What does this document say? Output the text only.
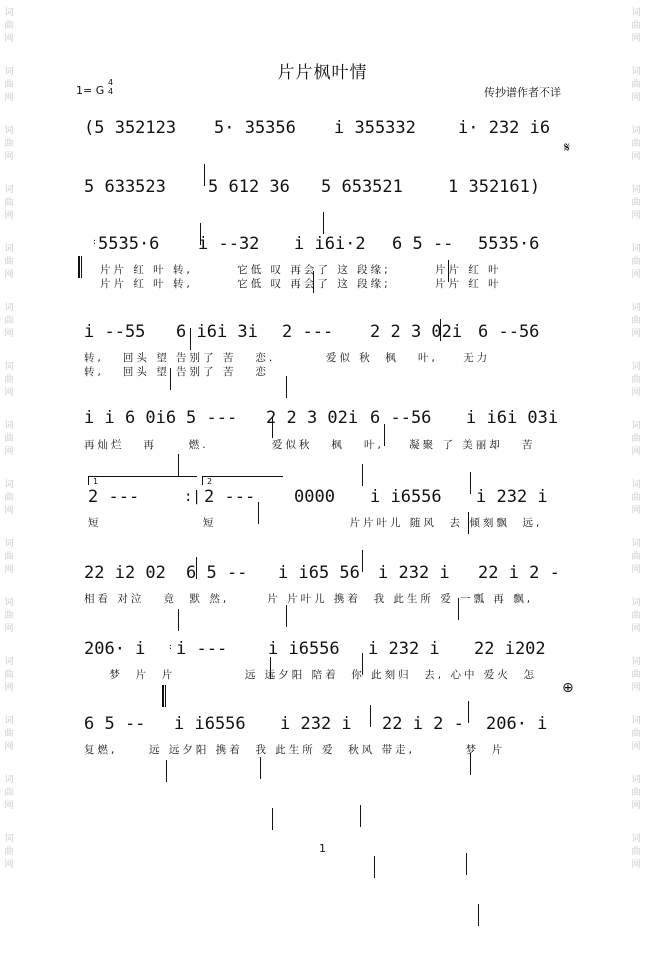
词
曲
网
词
曲
网
词
曲
网
词
曲
网
词
曲
网
词
曲
网
词
曲
网
词
曲
网
词
曲
网
词
曲
网
词
曲
网
词
曲
网
词
曲
网
词
曲
网
词
曲
网
词
曲
网
词
曲
网
词
曲
网
词
曲
网
词
曲
网
词
曲
网
词
曲
网
词
曲
网
词
曲
网
词
曲
网
词
曲
网
词
曲
网
词
曲
网
词
曲
网
词
曲
网
片片枫叶情
1= G
4
4	传抄谱作者不详

(5 352123

5· 35356

i 355332

i· 232 i6

5 633523

5 612 36

5 653521

	1 352161)

:

5535·6

i --32

i i6i·2

6 5 --

5535·6

i --55

6 i6i 3i

2 ---

2 2 3 02i

6 --56

i i 6 0i6

5 ---

2 2 3 02i

6 --56

i i6i 03i

1	2

2 ---

	:|

2 ---

0000

i i6556

i 232 i

22 i2 02

6 5 --

i i65 56

i 232 i

22 i 2 -

206· i

	:

i ---

i i6556

i 232 i

22 i202

6 5 --

i i6556

i 232 i

22 i 2 -

206· i

𝄋
⊕
片片 红 叶 转,       它低 叹 再会了 这 段缘;       片片 红 叶
片片 红 叶 转,       它低 叹 再会了 这 段缘;       片片 红 叶
转,   回头 望 告别了 苦   恋.        爱似 秋  枫   叶,    无力
转,   回头 望 告别了 苦   恋
再灿烂   再     燃.          爱似秋   枫   叶,    凝聚 了 美丽却   苦
短                短                     片片叶儿 随风  去 倾刻飘  远,
相看 对泣   竟  默 然,      片 片叶儿 携着  我 此生所 爱 一瓢 再 飘,
梦  片  片           远 远夕阳 陪着  你 此刻归  去, 心中 爱火  怎
复燃,     远 远夕阳 携着  我 此生所 爱  秋风 带走,        梦  片
1
